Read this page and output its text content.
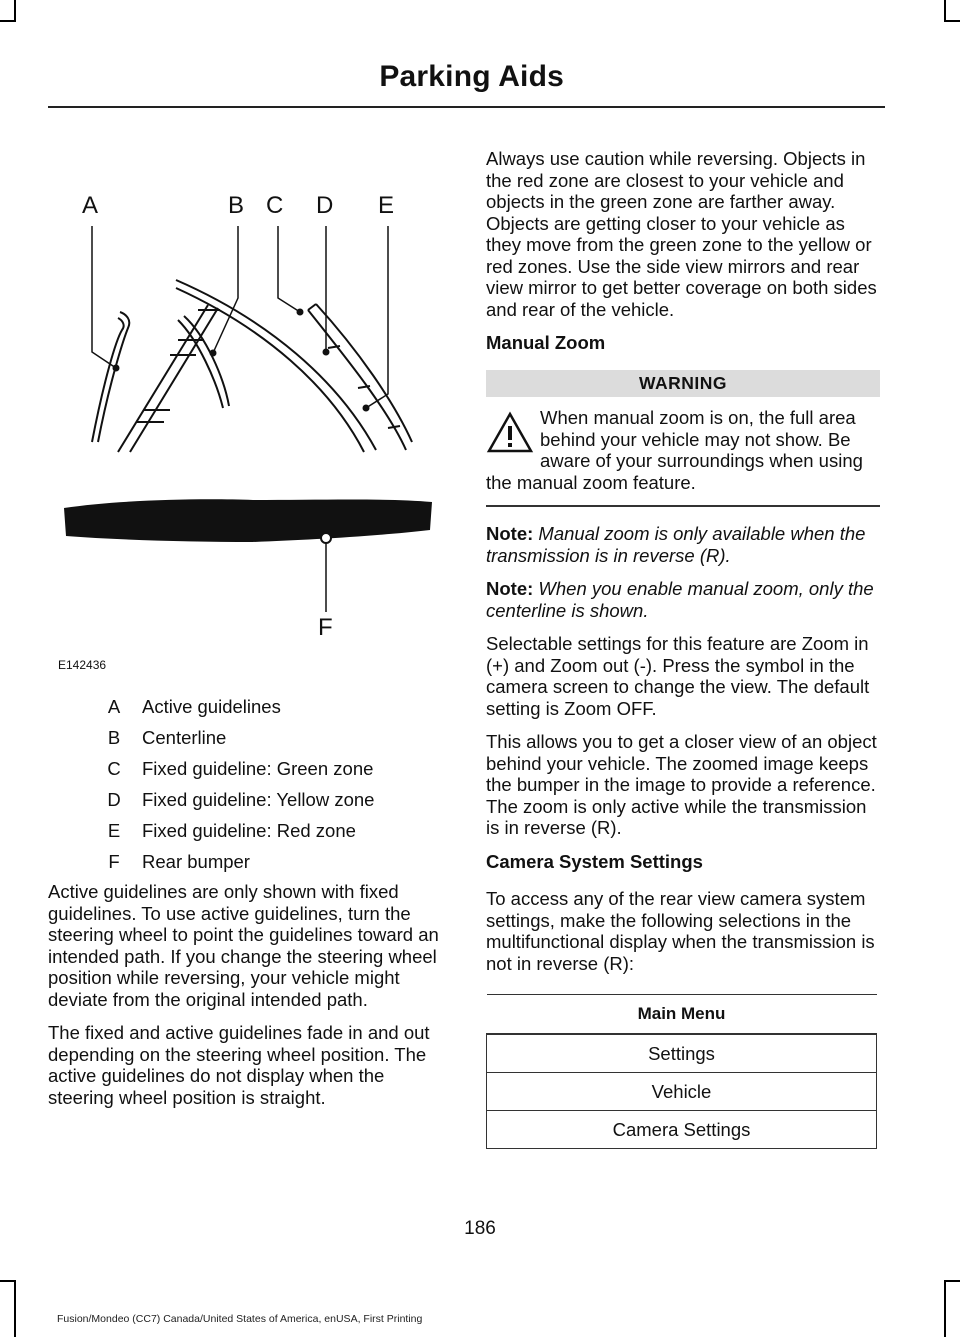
Parking Aids
A	B C D E
F
E142436
A	Active guidelines
B	Centerline
C	Fixed guideline: Green zone
D	Fixed guideline: Yellow zone
E	Fixed guideline: Red zone
F	Rear bumper

Active guidelines are only shown with fixed guidelines. To use active guidelines, turn the steering wheel to point the guidelines toward an intended path. If you change the steering wheel position while reversing, your vehicle might deviate from the original intended path.

The fixed and active guidelines fade in and out depending on the steering wheel position. The active guidelines do not display when the steering wheel position is straight.

Always use caution while reversing. Objects in the red zone are closest to your vehicle and objects in the green zone are farther away. Objects are getting closer to your vehicle as they move from the green zone to the yellow or red zones. Use the side view mirrors and rear view mirror to get better coverage on both sides and rear of the vehicle.

Manual Zoom
WARNING
When manual zoom is on, the full area behind your vehicle may not show. Be aware of your surroundings when using the manual zoom feature.

Note: Manual zoom is only available when the transmission is in reverse (R).

Note: When you enable manual zoom, only the centerline is shown.

Selectable settings for this feature are Zoom in (+) and Zoom out (-). Press the symbol in the camera screen to change the view. The default setting is Zoom OFF.

This allows you to get a closer view of an object behind your vehicle. The zoomed image keeps the bumper in the image to provide a reference. The zoom is only active while the transmission is in reverse (R).

Camera System Settings

To access any of the rear view camera system settings, make the following selections in the multifunctional display when the transmission is not in reverse (R):

Main Menu
Settings
Vehicle
Camera Settings
186
Fusion/Mondeo (CC7) Canada/United States of America, enUSA, First Printing
